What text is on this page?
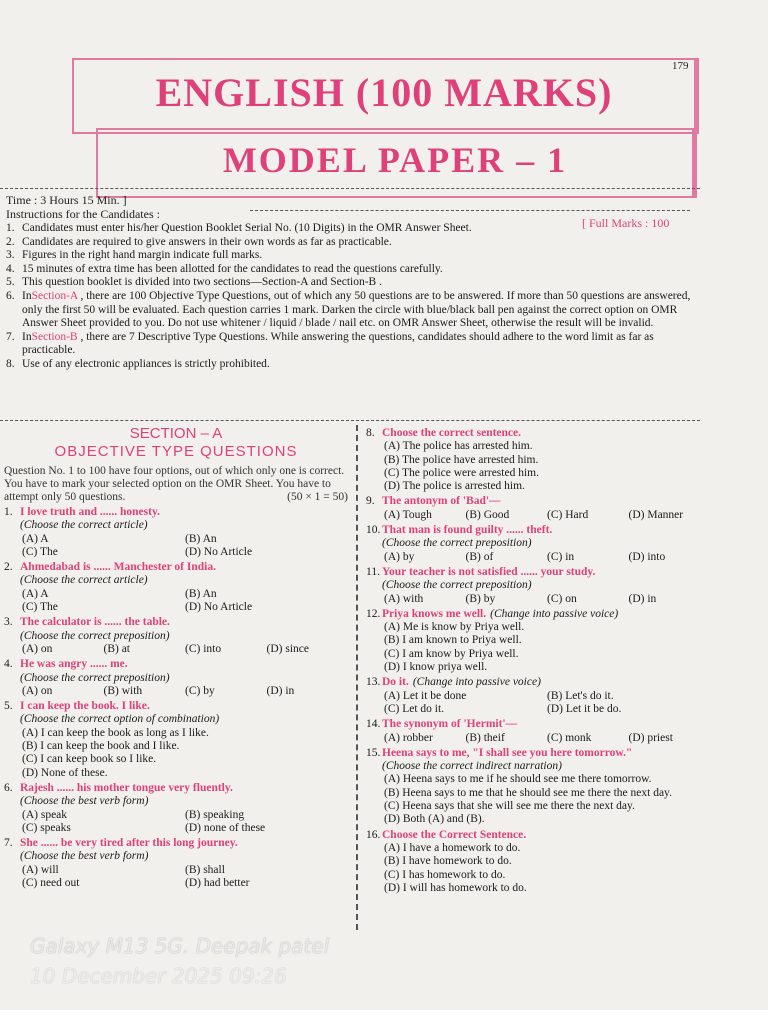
179
ENGLISH (100 MARKS)
MODEL PAPER – 1
Time : 3 Hours 15 Min. ]
Instructions for the Candidates :
[ Full Marks : 100
1. Candidates must enter his/her Question Booklet Serial No. (10 Digits) in the OMR Answer Sheet.
2. Candidates are required to give answers in their own words as far as practicable.
3. Figures in the right hand margin indicate full marks.
4. 15 minutes of extra time has been allotted for the candidates to read the questions carefully.
5. This question booklet is divided into two sections—Section-A and Section-B .
6. InSection-A , there are 100 Objective Type Questions, out of which any 50 questions are to be answered. If more than 50 questions are answered, only the first 50 will be evaluated. Each question carries 1 mark. Darken the circle with blue/black ball pen against the correct option on OMR Answer Sheet provided to you. Do not use whitener / liquid / blade / nail etc. on OMR Answer Sheet, otherwise the result will be invalid.
7. InSection-B , there are 7 Descriptive Type Questions. While answering the questions, candidates should adhere to the word limit as far as practicable.
8. Use of any electronic appliances is strictly prohibited.
SECTION – A
OBJECTIVE TYPE QUESTIONS
Question No. 1 to 100 have four options, out of which only one is correct. You have to mark your selected option on the OMR Sheet. You have to attempt only 50 questions.	(50 × 1 = 50)
1. I love truth and ...... honesty.
(Choose the correct article)
(A) A	(B) An
(C) The	(D) No Article
2. Ahmedabad is ...... Manchester of India.
(Choose the correct article)
(A) A	(B) An
(C) The	(D) No Article
3. The calculator is ...... the table.
(Choose the correct preposition)
(A) on	(B) at	(C) into	(D) since
4. He was angry ...... me.
(Choose the correct preposition)
(A) on	(B) with	(C) by	(D) in
5. I can keep the book. I like.
(Choose the correct option of combination)
(A) I can keep the book as long as I like.
(B) I can keep the book and I like.
(C) I can keep book so I like.
(D) None of these.
6. Rajesh ...... his mother tongue very fluently.
(Choose the best verb form)
(A) speak	(B) speaking
(C) speaks	(D) none of these
7. She ...... be very tired after this long journey.
(Choose the best verb form)
(A) will	(B) shall
(C) need out	(D) had better
8. Choose the correct sentence.
(A) The police has arrested him.
(B) The police have arrested him.
(C) The police were arrested him.
(D) The police is arrested him.
9. The antonym of 'Bad'—
(A) Tough	(B) Good	(C) Hard	(D) Manner
10. That man is found guilty ...... theft.
(Choose the correct preposition)
(A) by	(B) of	(C) in	(D) into
11. Your teacher is not satisfied ...... your study.
(Choose the correct preposition)
(A) with	(B) by	(C) on	(D) in
12. Priya knows me well. (Change into passive voice)
(A) Me is know by Priya well.
(B) I am known to Priya well.
(C) I am know by Priya well.
(D) I know priya well.
13. Do it. (Change into passive voice)
(A) Let it be done	(B) Let's do it.
(C) Let do it.	(D) Let it be do.
14. The synonym of 'Hermit'—
(A) robber	(B) theif	(C) monk	(D) priest
15. Heena says to me, "I shall see you here tomorrow."
(Choose the correct indirect narration)
(A) Heena says to me if he should see me there tomorrow.
(B) Heena says to me that he should see me there the next day.
(C) Heena says that she will see me there the next day.
(D) Both (A) and (B).
16. Choose the Correct Sentence.
(A) I have a homework to do.
(B) I have homework to do.
(C) I has homework to do.
(D) I will has homework to do.
Galaxy M13 5G. Deepak patel
10 December 2025 09:26
